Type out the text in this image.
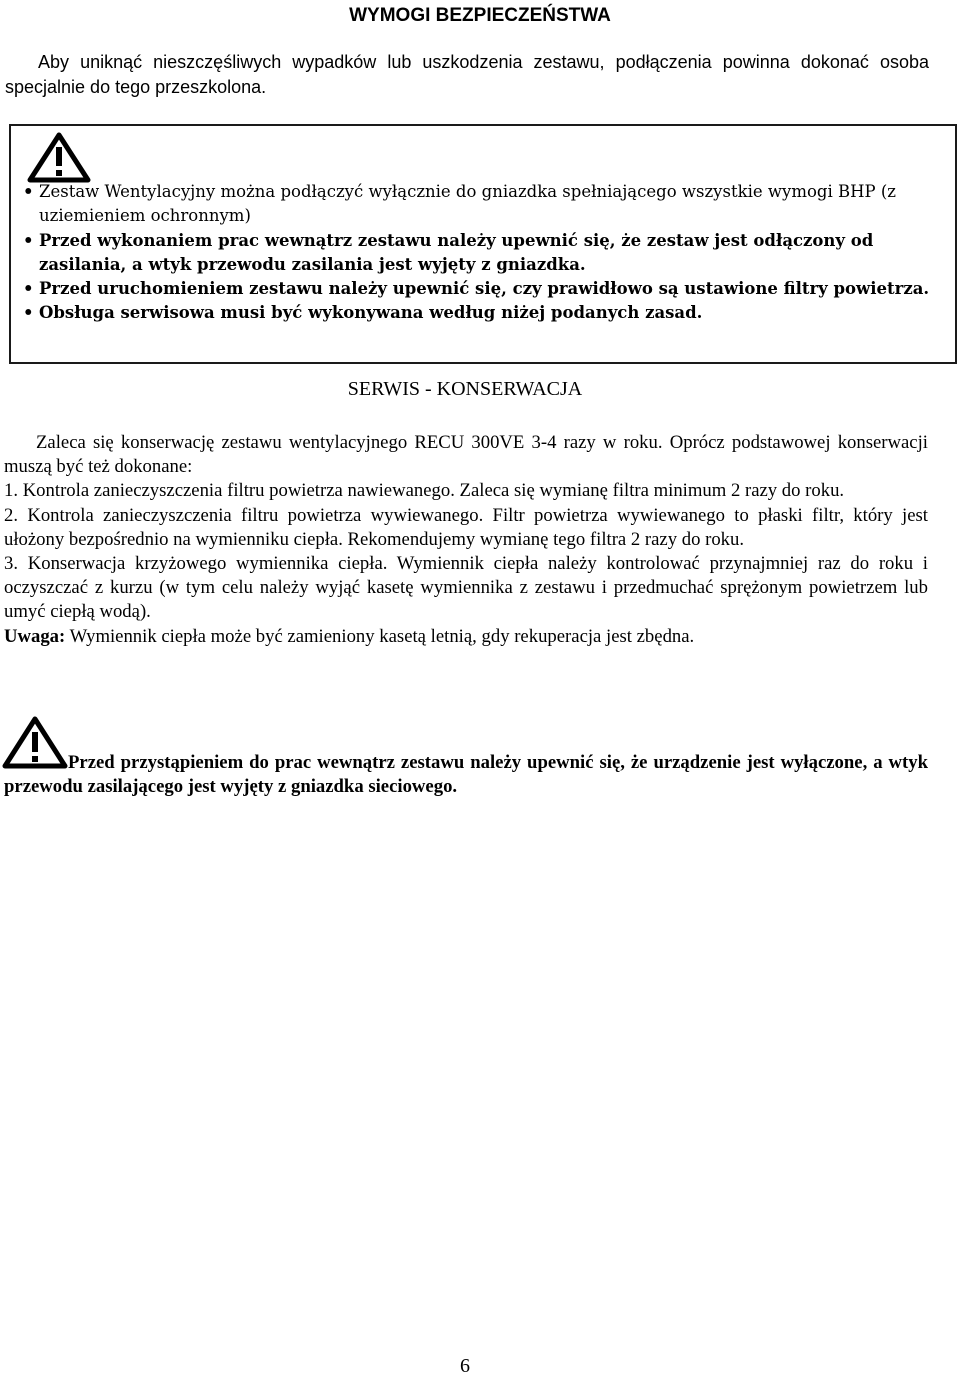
WYMOGI BEZPIECZEŃSTWA
Aby uniknąć nieszczęśliwych wypadków lub uszkodzenia zestawu, podłączenia powinna dokonać osoba specjalnie do tego przeszkolona.
• Zestaw Wentylacyjny można podłączyć wyłącznie do gniazdka spełniającego wszystkie wymogi BHP (z uziemieniem ochronnym)
• Przed wykonaniem prac wewnątrz zestawu należy upewnić się, że zestaw jest odłączony od zasilania, a wtyk przewodu zasilania jest wyjęty z gniazdka.
• Przed uruchomieniem zestawu należy upewnić się, czy prawidłowo są ustawione filtry powietrza.
• Obsługa serwisowa musi być wykonywana według niżej podanych zasad.
SERWIS - KONSERWACJA

Zaleca się konserwację zestawu wentylacyjnego RECU 300VE 3-4 razy w roku. Oprócz podstawowej konserwacji muszą być też dokonane:

1. Kontrola zanieczyszczenia filtru powietrza nawiewanego. Zaleca się wymianę filtra minimum 2 razy do roku.

2. Kontrola zanieczyszczenia filtru powietrza wywiewanego. Filtr powietrza wywiewanego to płaski filtr, który jest ułożony bezpośrednio na wymienniku ciepła. Rekomendujemy wymianę tego filtra 2 razy do roku.

3. Konserwacja krzyżowego wymiennika ciepła. Wymiennik ciepła należy kontrolować przynajmniej raz do roku i oczyszczać z kurzu (w tym celu należy wyjąć kasetę wymiennika z zestawu i przedmuchać sprężonym powietrzem lub umyć ciepłą wodą).

Uwaga: Wymiennik ciepła może być zamieniony kasetą letnią, gdy rekuperacja jest zbędna.

Przed przystąpieniem do prac wewnątrz zestawu należy upewnić się, że urządzenie jest wyłączone, a wtyk przewodu zasilającego jest wyjęty z gniazdka sieciowego.
6
